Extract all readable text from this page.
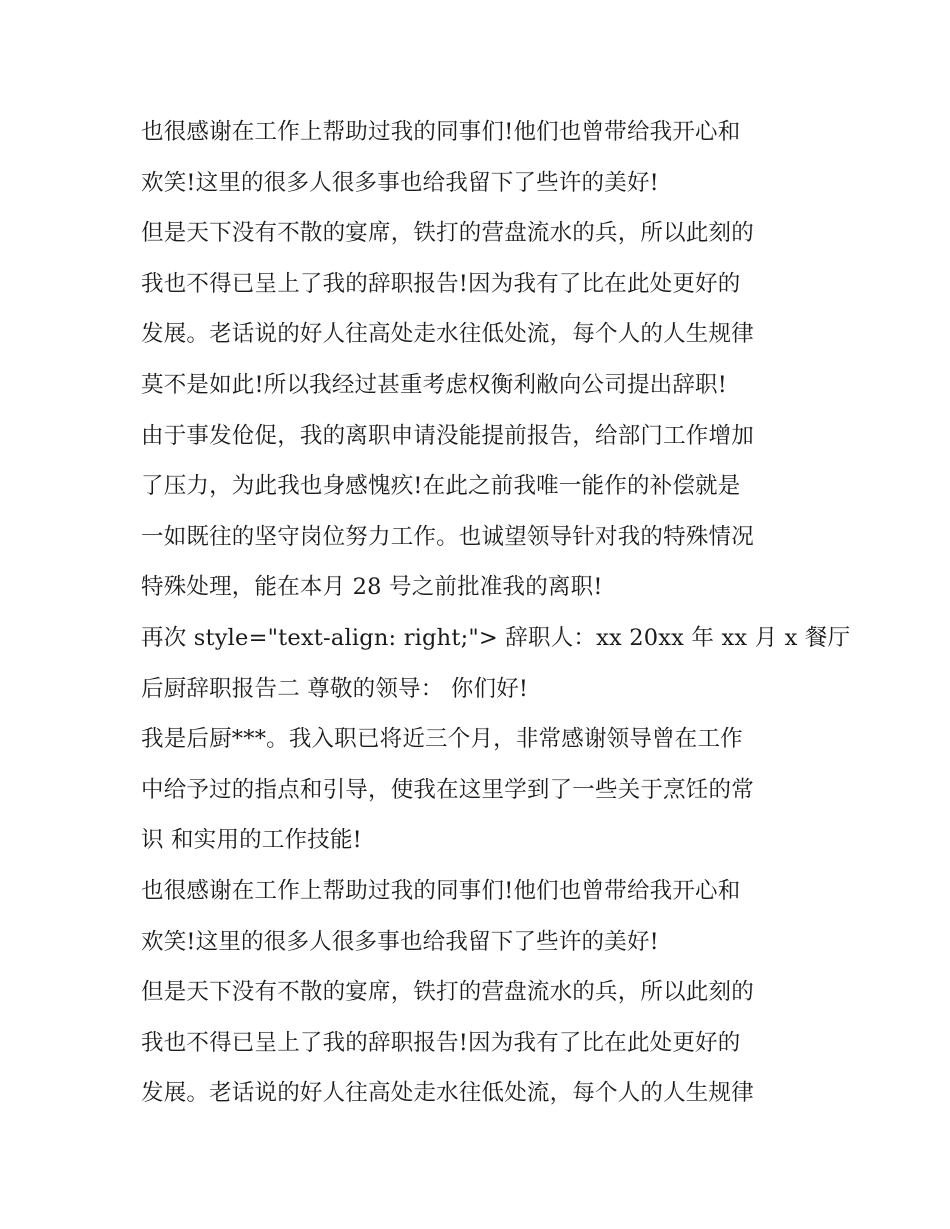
也很感谢在工作上帮助过我的同事们!他们也曾带给我开心和
欢笑!这里的很多人很多事也给我留下了些许的美好!
但是天下没有不散的宴席，铁打的营盘流水的兵，所以此刻的
我也不得已呈上了我的辞职报告!因为我有了比在此处更好的
发展。老话说的好人往高处走水往低处流，每个人的人生规律
莫不是如此!所以我经过甚重考虑权衡利敝向公司提出辞职!
由于事发伧促，我的离职申请没能提前报告，给部门工作增加
了压力，为此我也身感愧疚!在此之前我唯一能作的补偿就是
一如既往的坚守岗位努力工作。也诚望领导针对我的特殊情况
特殊处理，能在本月 28 号之前批准我的离职!
再次 style="text-align: right;"> 辞职人：xx 20xx 年 xx 月 x 餐厅
后厨辞职报告二 尊敬的领导： 你们好!
我是后厨***。我入职已将近三个月，非常感谢领导曾在工作
中给予过的指点和引导，使我在这里学到了一些关于烹饪的常
识 和实用的工作技能!
也很感谢在工作上帮助过我的同事们!他们也曾带给我开心和
欢笑!这里的很多人很多事也给我留下了些许的美好!
但是天下没有不散的宴席，铁打的营盘流水的兵，所以此刻的
我也不得已呈上了我的辞职报告!因为我有了比在此处更好的
发展。老话说的好人往高处走水往低处流，每个人的人生规律
